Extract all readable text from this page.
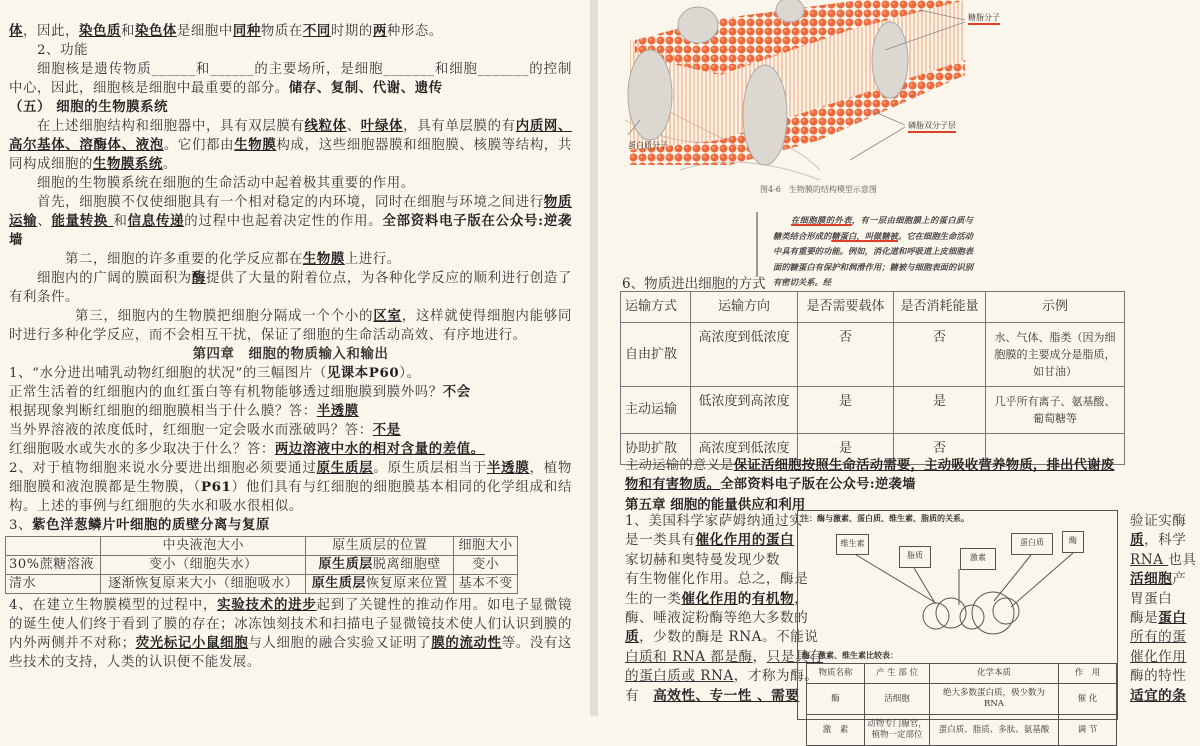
体，因此，染色质和染色体是细胞中同种物质在不同时期的两种形态。

2、功能

细胞核是遗传物质______和______的主要场所，是细胞_______和细胞_______的控制中心，因此，细胞核是细胞中最重要的部分。储存、复制、代谢、遗传

（五） 细胞的生物膜系统

在上述细胞结构和细胞器中，具有双层膜有线粒体、叶绿体，具有单层膜的有内质网、高尔基体、溶酶体、液泡。它们都由生物膜构成，这些细胞器膜和细胞膜、核膜等结构，共同构成细胞的生物膜系统。

细胞的生物膜系统在细胞的生命活动中起着极其重要的作用。

首先，细胞膜不仅使细胞具有一个相对稳定的内环境，同时在细胞与环境之间进行物质运输、能量转换 和信息传递的过程中也起着决定性的作用。全部资料电子版在公众号:逆袭墙

第二，细胞的许多重要的化学反应都在生物膜上进行。

细胞内的广阔的膜面积为酶提供了大量的附着位点，为各种化学反应的顺利进行创造了有利条件。

第三，细胞内的生物膜把细胞分隔成一个个小的区室，这样就使得细胞内能够同时进行多种化学反应，而不会相互干扰，保证了细胞的生命活动高效、有序地进行。

第四章　细胞的物质输入和输出

1、“水分进出哺乳动物红细胞的状况”的三幅图片（见课本P60）。

正常生活着的红细胞内的血红蛋白等有机物能够透过细胞膜到膜外吗？不会

根据现象判断红细胞的细胞膜相当于什么膜？答：半透膜

当外界溶液的浓度低时，红细胞一定会吸水而涨破吗？答：不是

红细胞吸水或失水的多少取决于什么？答：两边溶液中水的相对含量的差值。

2、对于植物细胞来说水分要进出细胞必须要通过原生质层。原生质层相当于半透膜，植物细胞膜和液泡膜都是生物膜，（P61）他们具有与红细胞的细胞膜基本相同的化学组成和结构。上述的事例与红细胞的失水和吸水很相似。

3、紫色洋葱鳞片叶细胞的质壁分离与复原

	中央液泡大小	原生质层的位置	细胞大小
30%蔗糖溶液	变小（细胞失水）	原生质层脱离细胞壁	变小
清水	逐渐恢复原来大小（细胞吸水）	原生质层恢复原来位置	基本不变

4、在建立生物膜模型的过程中，实验技术的进步起到了关键性的推动作用。如电子显微镜的诞生使人们终于看到了膜的存在；冰冻蚀刻技术和扫描电子显微镜技术使人们认识到膜的内外两侧并不对称；荧光标记小鼠细胞与人细胞的融合实验又证明了膜的流动性等。没有这些技术的支持，人类的认识便不能发展。

糖脂分子
磷脂双分子层
蛋白质分子
图4-6　生物膜的结构模型示意图
在细胞膜的外表，有一层由细胞膜上的蛋白质与糖类结合形成的糖蛋白，叫做糖被。它在细胞生命活动中具有重要的功能。例如，消化道和呼吸道上皮细胞表面的糖蛋白有保护和润滑作用；糖被与细胞表面的识别有密切关系。经
6、物质进出细胞的方式
运输方式	运输方向	是否需要载体	是否消耗能量	示例
自由扩散	高浓度到低浓度	否	否	水、气体、脂类（因为细胞膜的主要成分是脂质，如甘油）
主动运输	低浓度到高浓度	是	是	几乎所有离子、氨基酸、葡萄糖等
协助扩散	高浓度到低浓度	是	否	
主动运输的意义是保证活细胞按照生命活动需要，主动吸收营养物质，排出代谢废物和有害物质。全部资料电子版在公众号:逆袭墙
第五章 细胞的能量供应和利用
1、美国科学家萨姆纳通过实
是一类具有催化作用的蛋白
家切赫和奥特曼发现少数
有生物催化作用。总之，酶是
生的一类催化作用的有机物，
酶、唾液淀粉酶等绝大多数的
质，少数的酶是 RNA。不能说
白质和 RNA 都是酶，只是具有
的蛋白质或 RNA，才称为酶。
有　高效性、专一性 、需要
验证实酶
质，科学
RNA 也具
活细胞产
胃蛋白
酶是蛋白
所有的蛋
催化作用
酶的特性
适宜的条
注：酶与激素、蛋白质、维生素、脂质的关系。
维生素
脂质	激素
蛋白质	酶
酶、激素、维生素比较表：
物质名称	产 生 部 位	化学本质	作　用
酶	活细胞	绝大多数蛋白质，极少数为 RNA	催 化
激　素	动物专门腺官，植物一定部位	蛋白质、脂质、多肽、氨基酸	调 节
